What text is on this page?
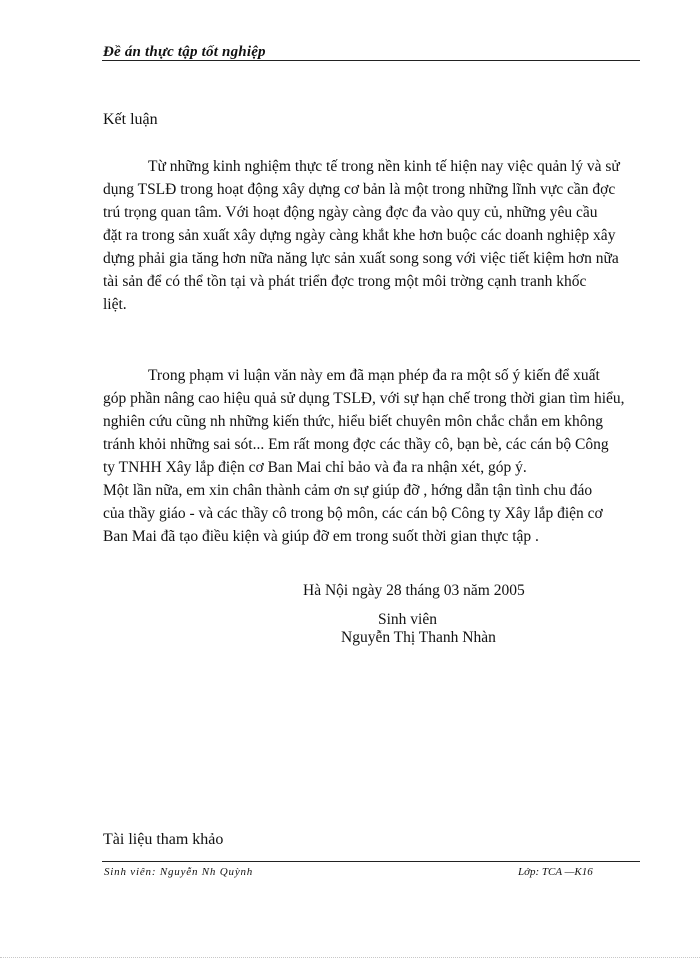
Đề án thực tập tốt nghiệp
Kết luận

Từ những kinh nghiệm thực tế trong nền kinh tế hiện nay việc quản lý và sử
dụng TSLĐ trong hoạt động xây dựng cơ bản là một trong những lĩnh vực cần đợc
trú trọng quan tâm. Với hoạt động ngày càng đợc đa vào quy củ, những yêu cầu
đặt ra trong sản xuất xây dựng ngày càng khắt khe hơn buộc các doanh nghiệp xây
dựng phải gia tăng hơn nữa năng lực sản xuất song song với việc tiết kiệm hơn nữa
tài sản để có thể tồn tại và phát triển đợc trong một môi trờng cạnh tranh khốc
liệt.

Trong phạm vi luận văn này em đã mạn phép đa ra một số ý kiến để xuất
góp phần nâng cao hiệu quả sử dụng TSLĐ, với sự hạn chế trong thời gian tìm hiểu,
nghiên cứu cũng nh những kiến thức, hiểu biết chuyên môn chắc chắn em không
tránh khỏi những sai sót... Em rất mong đợc các thầy cô, bạn bè, các cán bộ Công
ty TNHH Xây lắp điện cơ Ban Mai chỉ bảo và đa ra nhận xét, góp ý.

Một lần nữa, em xin chân thành cảm ơn sự giúp đỡ , hớng dẫn tận tình chu đáo
của thầy giáo - và các thầy cô trong bộ môn, các cán bộ Công ty Xây lắp điện cơ
Ban Mai đã tạo điều kiện và giúp đỡ em trong suốt thời gian thực tập .

Hà Nội ngày 28 tháng 03 năm 2005
Sinh viên
Nguyễn Thị Thanh Nhàn
Tài liệu tham khảo
Sinh viên: Nguyễn Nh Quỳnh	Lớp: TCA —K16
